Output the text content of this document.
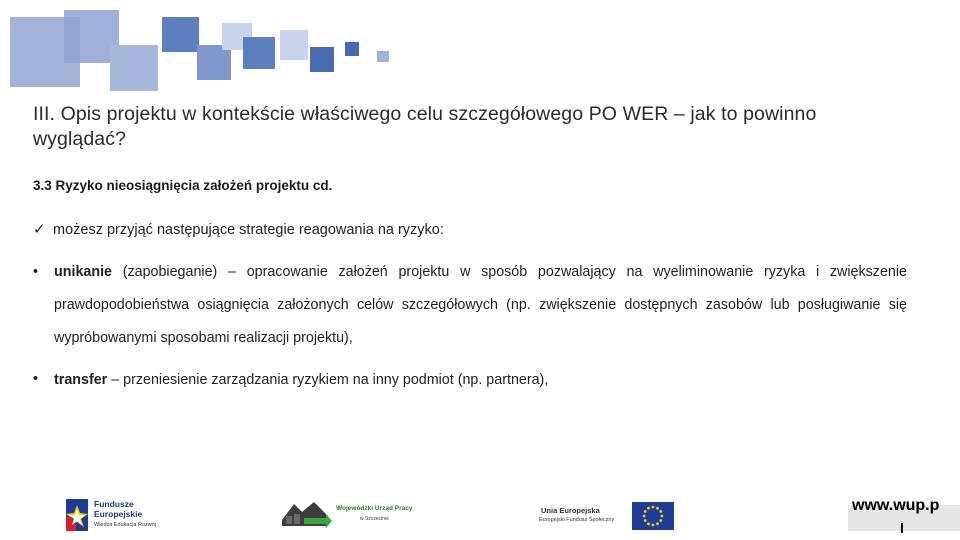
III. Opis projektu w kontekście właściwego celu szczegółowego PO WER – jak to powinno wyglądać?
3.3 Ryzyko nieosiągnięcia założeń projektu cd.
✓ możesz przyjąć następujące strategie reagowania na ryzyko:
•	unikanie (zapobieganie) – opracowanie założeń projektu w sposób pozwalający na wyeliminowanie ryzyka i zwiększenie prawdopodobieństwa osiągnięcia założonych celów szczegółowych (np. zwiększenie dostępnych zasobów lub posługiwanie się wypróbowanymi sposobami realizacji projektu),
•	transfer – przeniesienie zarządzania ryzykiem na inny podmiot (np. partnera),
Fundusze
Europejskie
Wiedza Edukacja Rozwój
Wojewódzki Urząd Pracy
w Szczecinie
Unia Europejska
Europejski Fundusz Społeczny
www.wup.p
l
